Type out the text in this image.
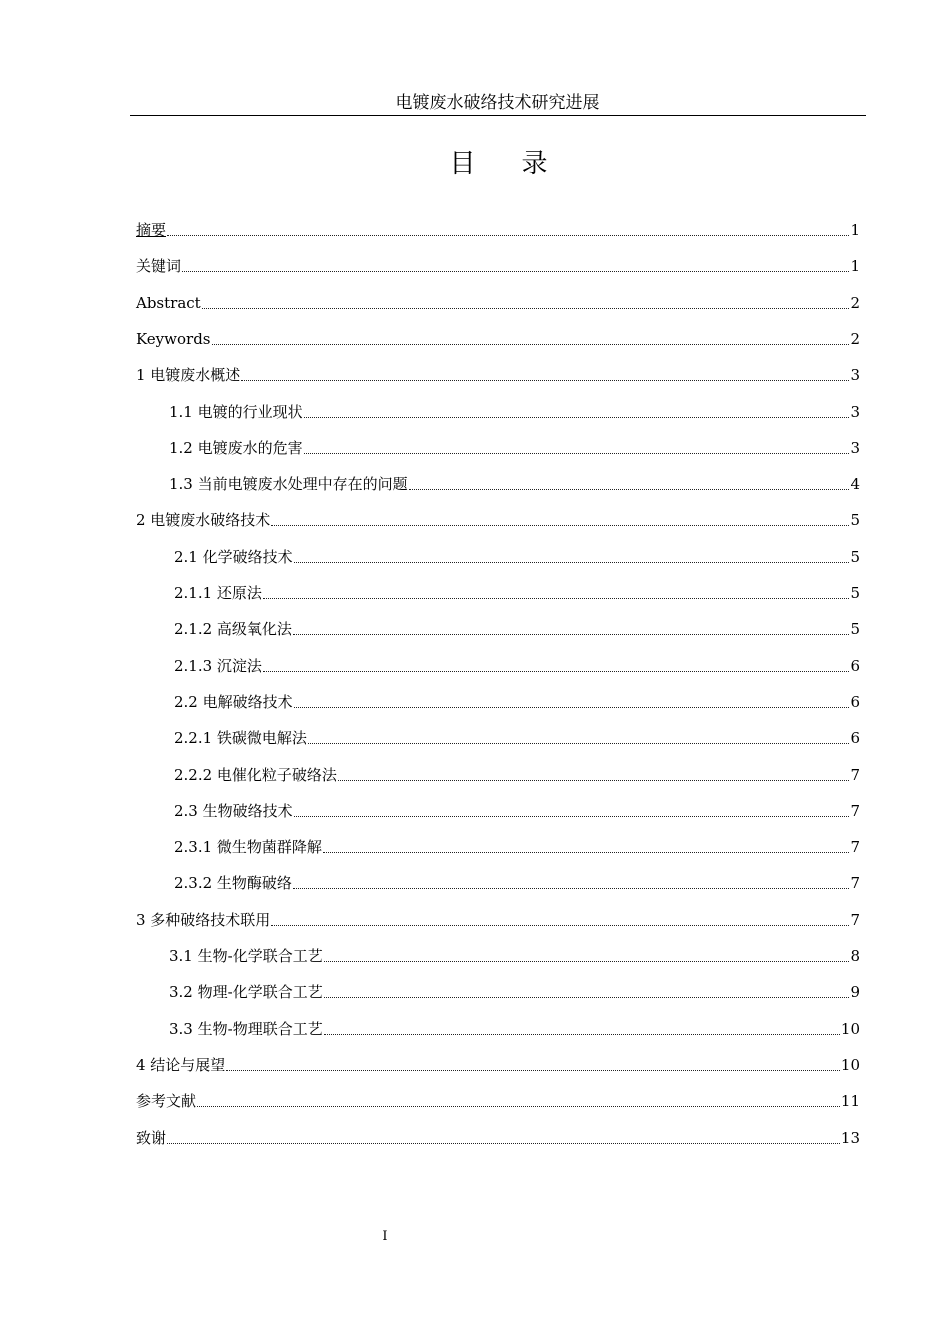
电镀废水破络技术研究进展
目 录
摘要	1
关键词	1
Abstract	2
Keywords	2
1 电镀废水概述	3
1.1 电镀的行业现状	3
1.2 电镀废水的危害	3
1.3 当前电镀废水处理中存在的问题	4
2 电镀废水破络技术	5
2.1 化学破络技术	5
2.1.1 还原法	5
2.1.2 高级氧化法	5
2.1.3 沉淀法	6
2.2 电解破络技术	6
2.2.1 铁碳微电解法	6
2.2.2 电催化粒子破络法	7
2.3 生物破络技术	7
2.3.1 微生物菌群降解	7
2.3.2 生物酶破络	7
3 多种破络技术联用	7
3.1 生物-化学联合工艺	8
3.2 物理-化学联合工艺	9
3.3 生物-物理联合工艺	10
4 结论与展望	10
参考文献	11
致谢	13
I
